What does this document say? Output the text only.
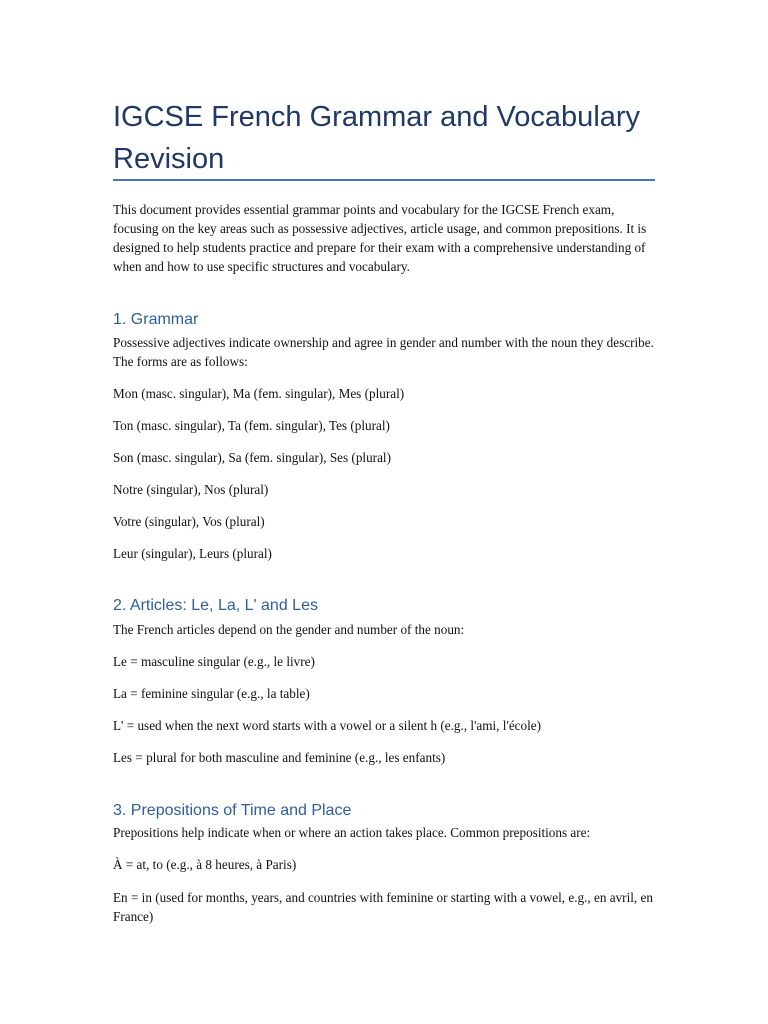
IGCSE French Grammar and Vocabulary Revision

This document provides essential grammar points and vocabulary for the IGCSE French exam, focusing on the key areas such as possessive adjectives, article usage, and common prepositions. It is designed to help students practice and prepare for their exam with a comprehensive understanding of when and how to use specific structures and vocabulary.

1. Grammar

Possessive adjectives indicate ownership and agree in gender and number with the noun they describe. The forms are as follows:

Mon (masc. singular), Ma (fem. singular), Mes (plural)

Ton (masc. singular), Ta (fem. singular), Tes (plural)

Son (masc. singular), Sa (fem. singular), Ses (plural)

Notre (singular), Nos (plural)

Votre (singular), Vos (plural)

Leur (singular), Leurs (plural)

2. Articles: Le, La, L' and Les

The French articles depend on the gender and number of the noun:

Le = masculine singular (e.g., le livre)

La = feminine singular (e.g., la table)

L' = used when the next word starts with a vowel or a silent h (e.g., l'ami, l'école)

Les = plural for both masculine and feminine (e.g., les enfants)

3. Prepositions of Time and Place

Prepositions help indicate when or where an action takes place. Common prepositions are:

À = at, to (e.g., à 8 heures, à Paris)

En = in (used for months, years, and countries with feminine or starting with a vowel, e.g., en avril, en France)
